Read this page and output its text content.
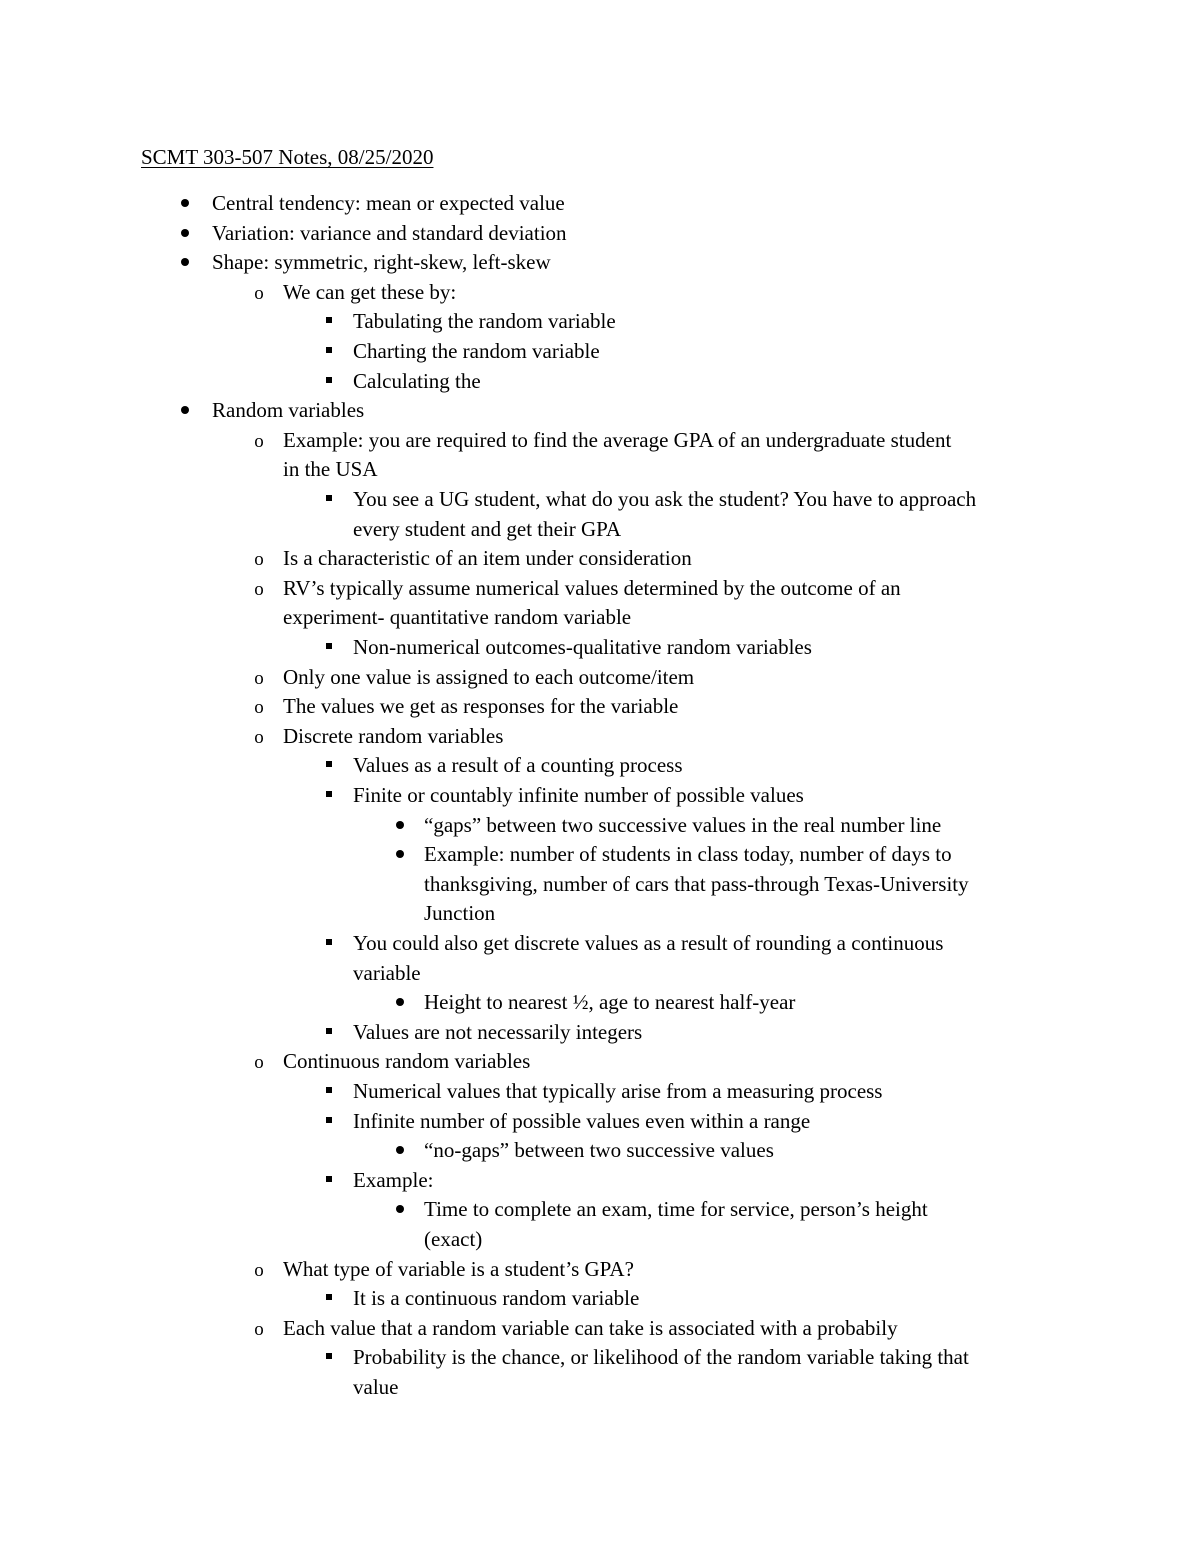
SCMT 303-507 Notes, 08/25/2020
Central tendency: mean or expected value
Variation: variance and standard deviation
Shape: symmetric, right-skew, left-skew
o We can get these by:
Tabulating the random variable
Charting the random variable
Calculating the
Random variables
o Example: you are required to find the average GPA of an undergraduate student
in the USA
You see a UG student, what do you ask the student? You have to approach
every student and get their GPA
o Is a characteristic of an item under consideration
o RV’s typically assume numerical values determined by the outcome of an
experiment- quantitative random variable
Non-numerical outcomes-qualitative random variables
o Only one value is assigned to each outcome/item
o The values we get as responses for the variable
o Discrete random variables
Values as a result of a counting process
Finite or countably infinite number of possible values
“gaps” between two successive values in the real number line
Example: number of students in class today, number of days to
thanksgiving, number of cars that pass-through Texas-University
Junction
You could also get discrete values as a result of rounding a continuous
variable
Height to nearest ½, age to nearest half-year
Values are not necessarily integers
o Continuous random variables
Numerical values that typically arise from a measuring process
Infinite number of possible values even within a range
“no-gaps” between two successive values
Example:
Time to complete an exam, time for service, person’s height
(exact)
o What type of variable is a student’s GPA?
It is a continuous random variable
o Each value that a random variable can take is associated with a probabily
Probability is the chance, or likelihood of the random variable taking that
value
